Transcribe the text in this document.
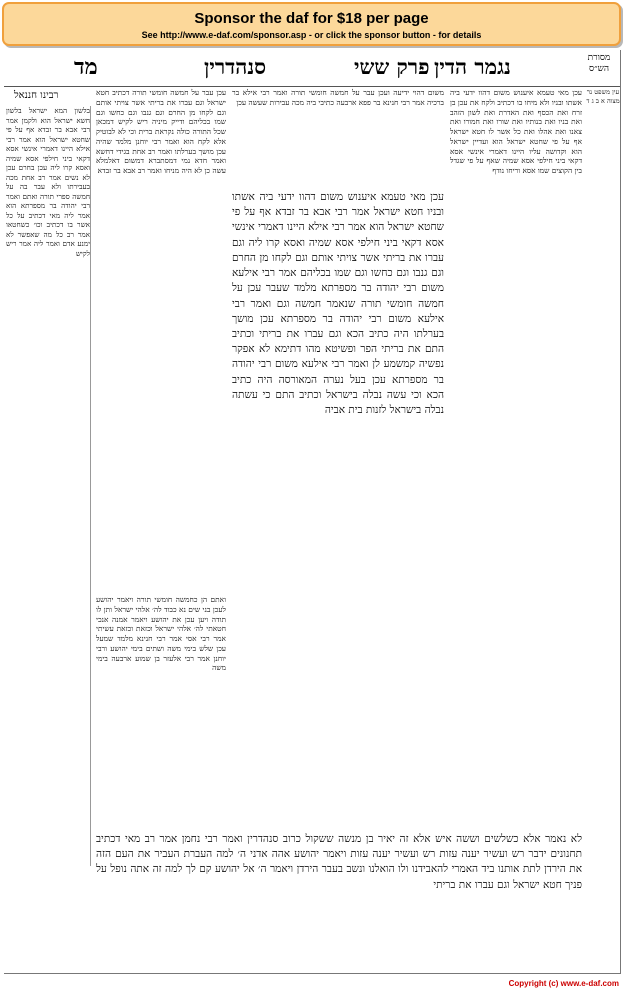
Sponsor the daf for $18 per page
See http://www.e-daf.com/sponsor.asp - or click the sponsor button - for details
מד	סנהדרין	פרק ששי נגמר הדין	מסורת הש״ס
רבינו חננאל
בלשון המא ישראל בלשון חשא ישראל הוא ולקמן אמר רבי אבא בר זבדא אף על פי שחטא ישראל הוא אמר רבי אילא היינו דאמרי אינשי אסא דקאי ביני חילפי אסא שמיה ואסא קרו ליה עכן בחרם עכן לא נשים אמר רב אחת מכה בעבירתו ולא עבר בה על חמשה ספרי תורה ואתם ואמר רבי יהודה בר מספרתא הוא אמר ליה מאי דכתיב על כל אשר בו דכתיב וכו׳ כשחטאו אמר רב כל מה שאפשר לא ימנע אדם ואמר ליה אמר ריש לקיש
עכן עבר על חמשה חומשי תורה דכתיב חטא ישראל וגם עברו את בריתי אשר צויתי אותם וגם לקחו מן החרם וגם גנבו וגם כחשו וגם שמו בכליהם ודייק מיניה ריש לקיש דמכאן שכל התורה כולה נקראת ברית וכי לא לבוטיק אלא לקח הוא ואמר רבי יוחנן מלמד שהיה עכן מושך בערלתו ואמר רב אחת בגידי דחשא ואמר חדא נמי דמסתברא דמשום דאלמלא עשה כן לא היה מניחו ואמר רב אבא בר זבדא
ואתם הן כחמשה חומשי תורה ויאמר יהושע לעכן בני שים נא כבוד לה׳ אלהי ישראל ותן לו תודה ויען עכן את יהושע ויאמר אמנה אנכי חטאתי לה׳ אלהי ישראל וכזאת וכזאת עשיתי אמר רבי אסי אמר רבי חנינא מלמד שמעל עכן שלש בימי משה ושתים בימי יהושע ורבי יוחנן אמר רבי אלעזר בן שמוע ארבעה בימי משה
משום דהוי ידיעה ועכן עבר על חמשה חומשי תורה ואמר רבי אילא בר ברכיה אמר רבי חנינא בר פפא ארבעה כתיבי ביה מכה עבירות שעשה עכן
עכן מאי טעמא איענוש משום דהוו ידעי ביה אשתו ובניו חטא ישראל אמר רבי אבא בר זבדא אף על פי שחטא ישראל הוא אמר רבי אילא היינו דאמרי אינשי אסא דקאי ביני חילפי אסא שמיה ואסא קרו ליה וגם עברו את בריתי אשר צויתי אותם וגם לקחו מן החרם וגם גנבו וגם כחשו וגם שמו בכליהם אמר רבי אילעא משום רבי יהודה בר מספרתא מלמד שעבר עכן על חמשה חומשי תורה שנאמר חמשה וגם ואמר רבי אילעא משום רבי יהודה בר מספרתא עכן מושך בערלתו היה כתיב הכא וגם עברו את בריתי וכתיב התם את בריתי הפר ופשיטא מהו דתימא לא אפקר נפשיה קמשמע לן ואמר רבי אילעא משום רבי יהודה בר מספרתא עכן בעל נערה המאורסה היה כתיב הכא וכי עשה נבלה בישראל וכתיב התם כי עשתה נבלה בישראל לזנות בית אביה
עכן מאי טעמא איענוש משום דהוו ידעי ביה אשתו ובניו ולא מיחו בו דכתיב ולקח את עכן בן זרח ואת הכסף ואת האדרת ואת לשון הזהב ואת בניו ואת בנותיו ואת שורו ואת חמורו ואת צאנו ואת אהלו ואת כל אשר לו חטא ישראל אף על פי שחטא ישראל הוא ועדיין ישראל הוא וקדושה עליו היינו דאמרי אינשי אסא דקאי ביני חילפי אסא שמיה שאף על פי שגדל בין הקוצים שמו אסא וריחו נודף
עין משפט נר מצוה א ב ג ד
לא נאמר אלא כשלשים וששה איש אלא זה יאיר בן מנשה ששקול כרוב סנהדרין ואמר רבי נחמן אמר רב מאי דכתיב תחנונים ידבר רש ועשיר יענה עזות רש ועשיר יענה עזות ויאמר יהושע אהה אדני ה׳ למה העברת העביר את העם הזה את הירדן לתת אותנו ביד האמרי להאבידנו ולו הואלנו ונשב בעבר הירדן ויאמר ה׳ אל יהושע קם לך למה זה אתה נופל על פניך חטא ישראל וגם עברו את בריתי
Copyright (c) www.e-daf.com
